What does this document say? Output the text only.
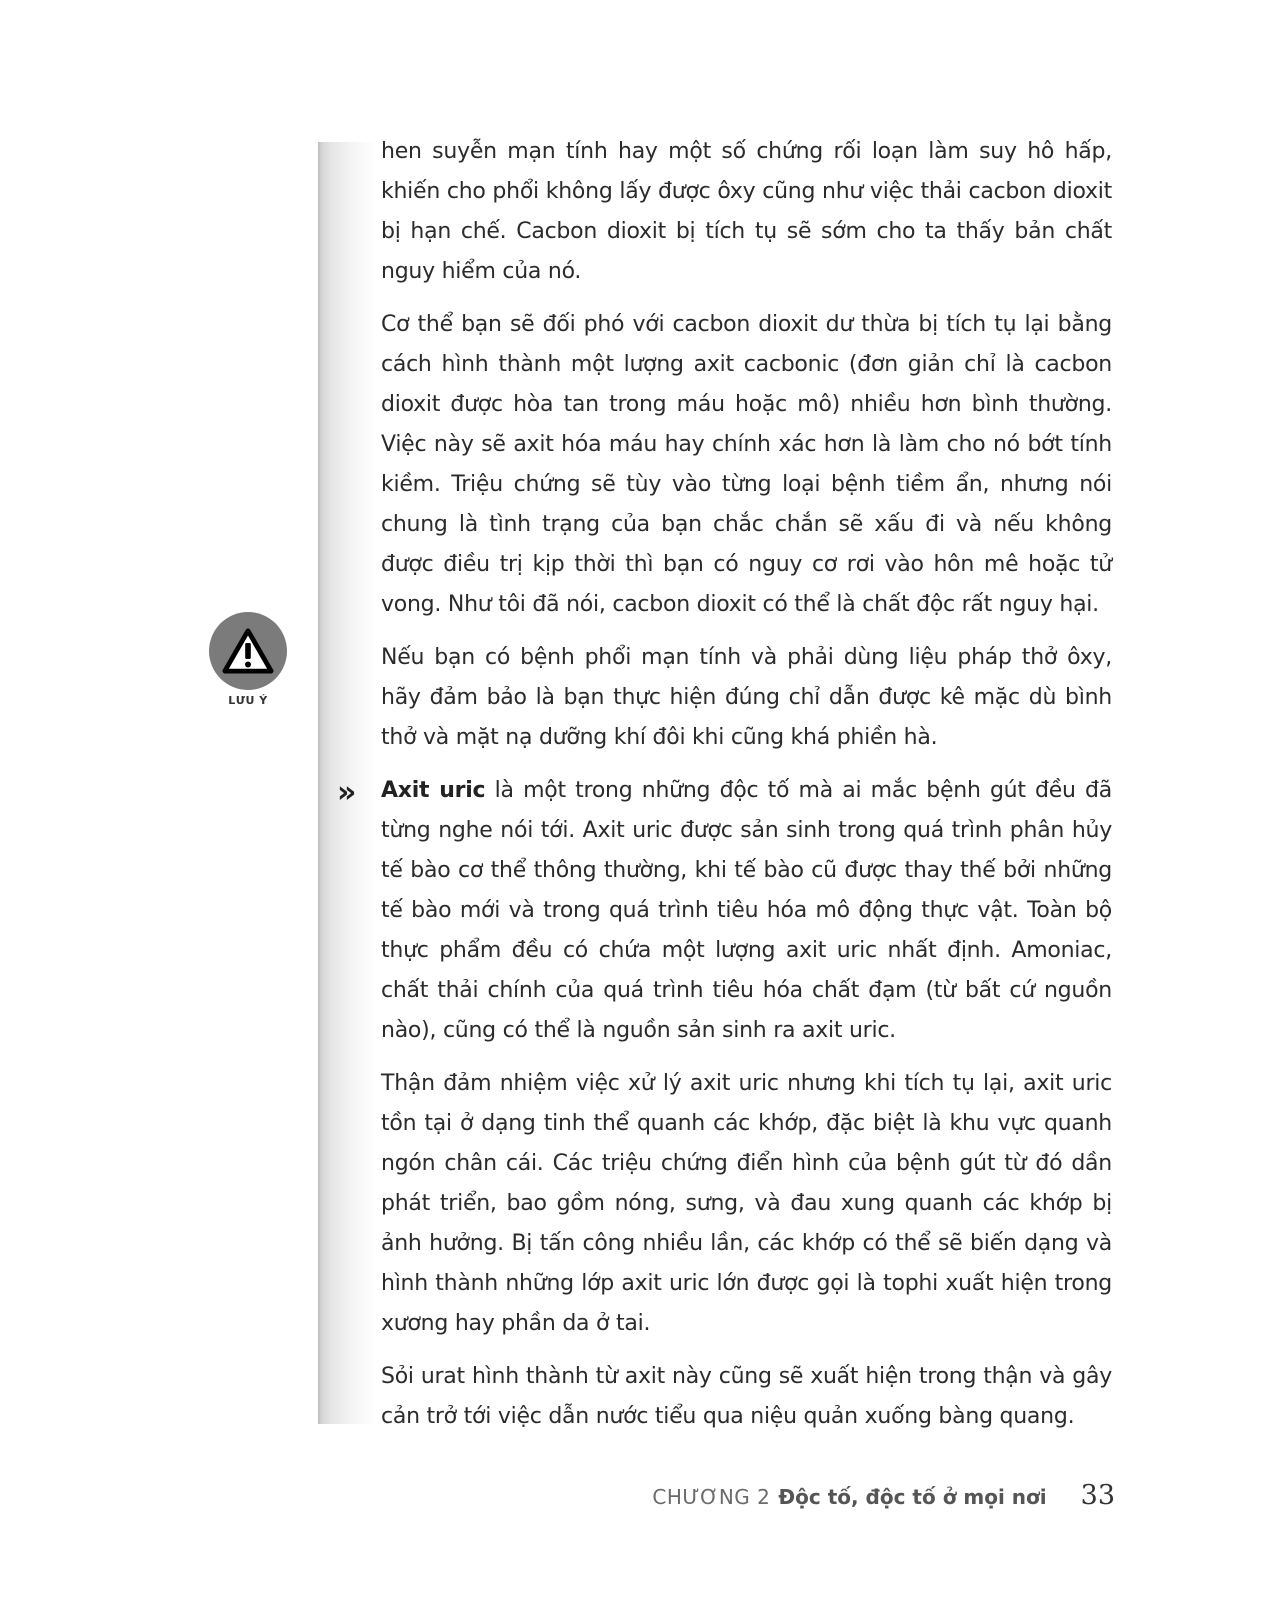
LƯU Ý
»

hen suyễn mạn tính hay một số chứng rối loạn làm suy hô hấp, khiến cho phổi không lấy được ôxy cũng như việc thải cacbon dioxit bị hạn chế. Cacbon dioxit bị tích tụ sẽ sớm cho ta thấy bản chất nguy hiểm của nó.

Cơ thể bạn sẽ đối phó với cacbon dioxit dư thừa bị tích tụ lại bằng cách hình thành một lượng axit cacbonic (đơn giản chỉ là cacbon dioxit được hòa tan trong máu hoặc mô) nhiều hơn bình thường. Việc này sẽ axit hóa máu hay chính xác hơn là làm cho nó bớt tính kiềm. Triệu chứng sẽ tùy vào từng loại bệnh tiềm ẩn, nhưng nói chung là tình trạng của bạn chắc chắn sẽ xấu đi và nếu không được điều trị kịp thời thì bạn có nguy cơ rơi vào hôn mê hoặc tử vong. Như tôi đã nói, cacbon dioxit có thể là chất độc rất nguy hại.

Nếu bạn có bệnh phổi mạn tính và phải dùng liệu pháp thở ôxy, hãy đảm bảo là bạn thực hiện đúng chỉ dẫn được kê mặc dù bình thở và mặt nạ dưỡng khí đôi khi cũng khá phiền hà.

Axit uric là một trong những độc tố mà ai mắc bệnh gút đều đã từng nghe nói tới. Axit uric được sản sinh trong quá trình phân hủy tế bào cơ thể thông thường, khi tế bào cũ được thay thế bởi những tế bào mới và trong quá trình tiêu hóa mô động thực vật. Toàn bộ thực phẩm đều có chứa một lượng axit uric nhất định. Amoniac, chất thải chính của quá trình tiêu hóa chất đạm (từ bất cứ nguồn nào), cũng có thể là nguồn sản sinh ra axit uric.

Thận đảm nhiệm việc xử lý axit uric nhưng khi tích tụ lại, axit uric tồn tại ở dạng tinh thể quanh các khớp, đặc biệt là khu vực quanh ngón chân cái. Các triệu chứng điển hình của bệnh gút từ đó dần phát triển, bao gồm nóng, sưng, và đau xung quanh các khớp bị ảnh hưởng. Bị tấn công nhiều lần, các khớp có thể sẽ biến dạng và hình thành những lớp axit uric lớn được gọi là tophi xuất hiện trong xương hay phần da ở tai.

Sỏi urat hình thành từ axit này cũng sẽ xuất hiện trong thận và gây cản trở tới việc dẫn nước tiểu qua niệu quản xuống bàng quang.

CHƯƠNG 2 Độc tố, độc tố ở mọi nơi 33
